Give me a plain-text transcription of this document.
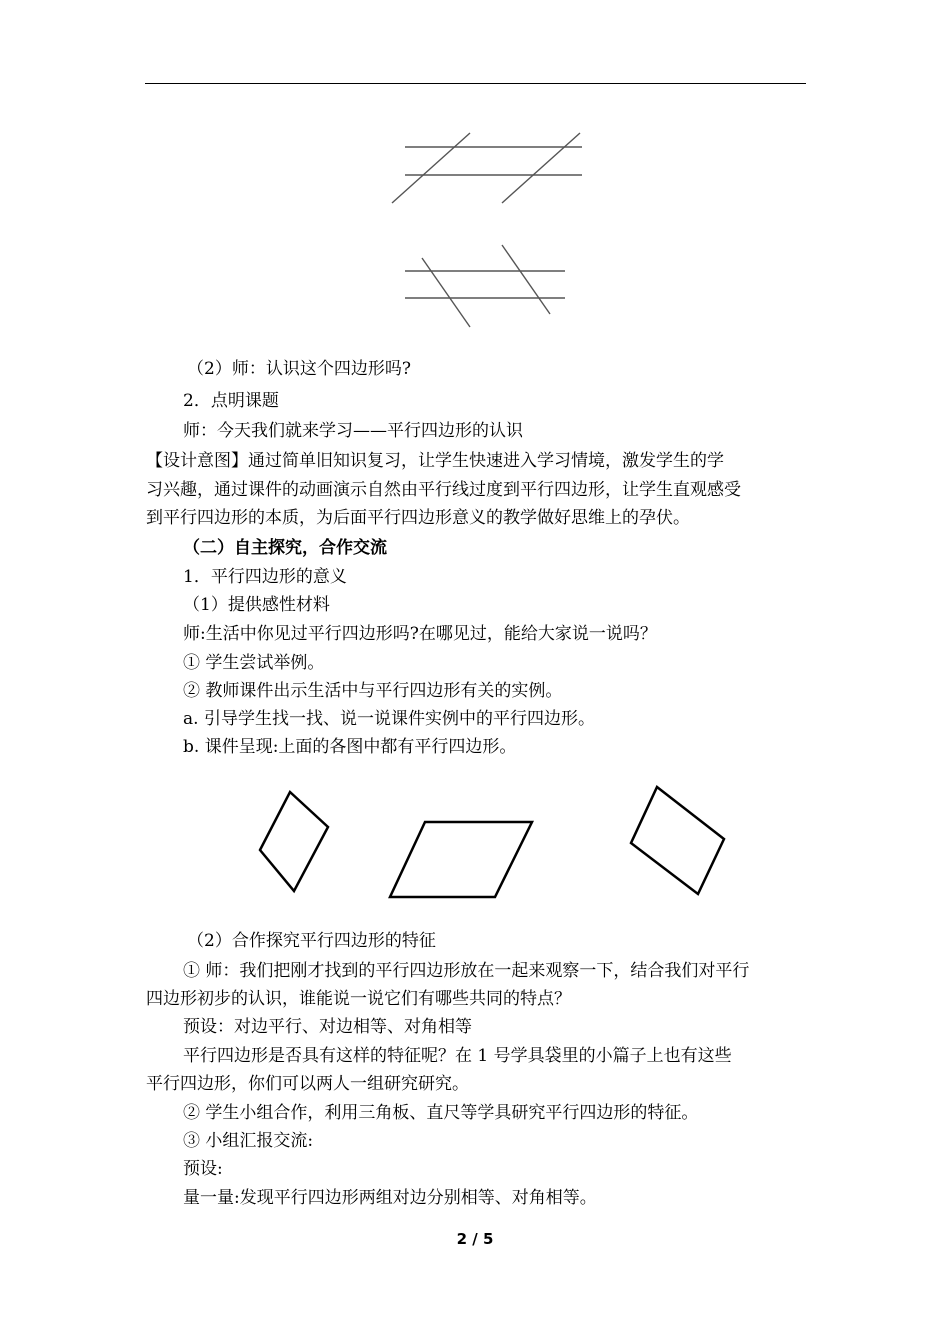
（2）师：认识这个四边形吗?
2．点明课题
师：今天我们就来学习——平行四边形的认识
【设计意图】通过简单旧知识复习，让学生快速进入学习情境，激发学生的学
习兴趣，通过课件的动画演示自然由平行线过度到平行四边形，让学生直观感受
到平行四边形的本质，为后面平行四边形意义的教学做好思维上的孕伏。
（二）自主探究，合作交流
1．平行四边形的意义
（1）提供感性材料
师:生活中你见过平行四边形吗?在哪见过，能给大家说一说吗？
① 学生尝试举例。
② 教师课件出示生活中与平行四边形有关的实例。
a. 引导学生找一找、说一说课件实例中的平行四边形。
b. 课件呈现:上面的各图中都有平行四边形。
（2）合作探究平行四边形的特征
① 师：我们把刚才找到的平行四边形放在一起来观察一下，结合我们对平行
四边形初步的认识，谁能说一说它们有哪些共同的特点？
预设：对边平行、对边相等、对角相等
平行四边形是否具有这样的特征呢？在 1 号学具袋里的小篇子上也有这些
平行四边形，你们可以两人一组研究研究。
② 学生小组合作，利用三角板、直尺等学具研究平行四边形的特征。
③ 小组汇报交流:
预设:
量一量:发现平行四边形两组对边分别相等、对角相等。
2 / 5
